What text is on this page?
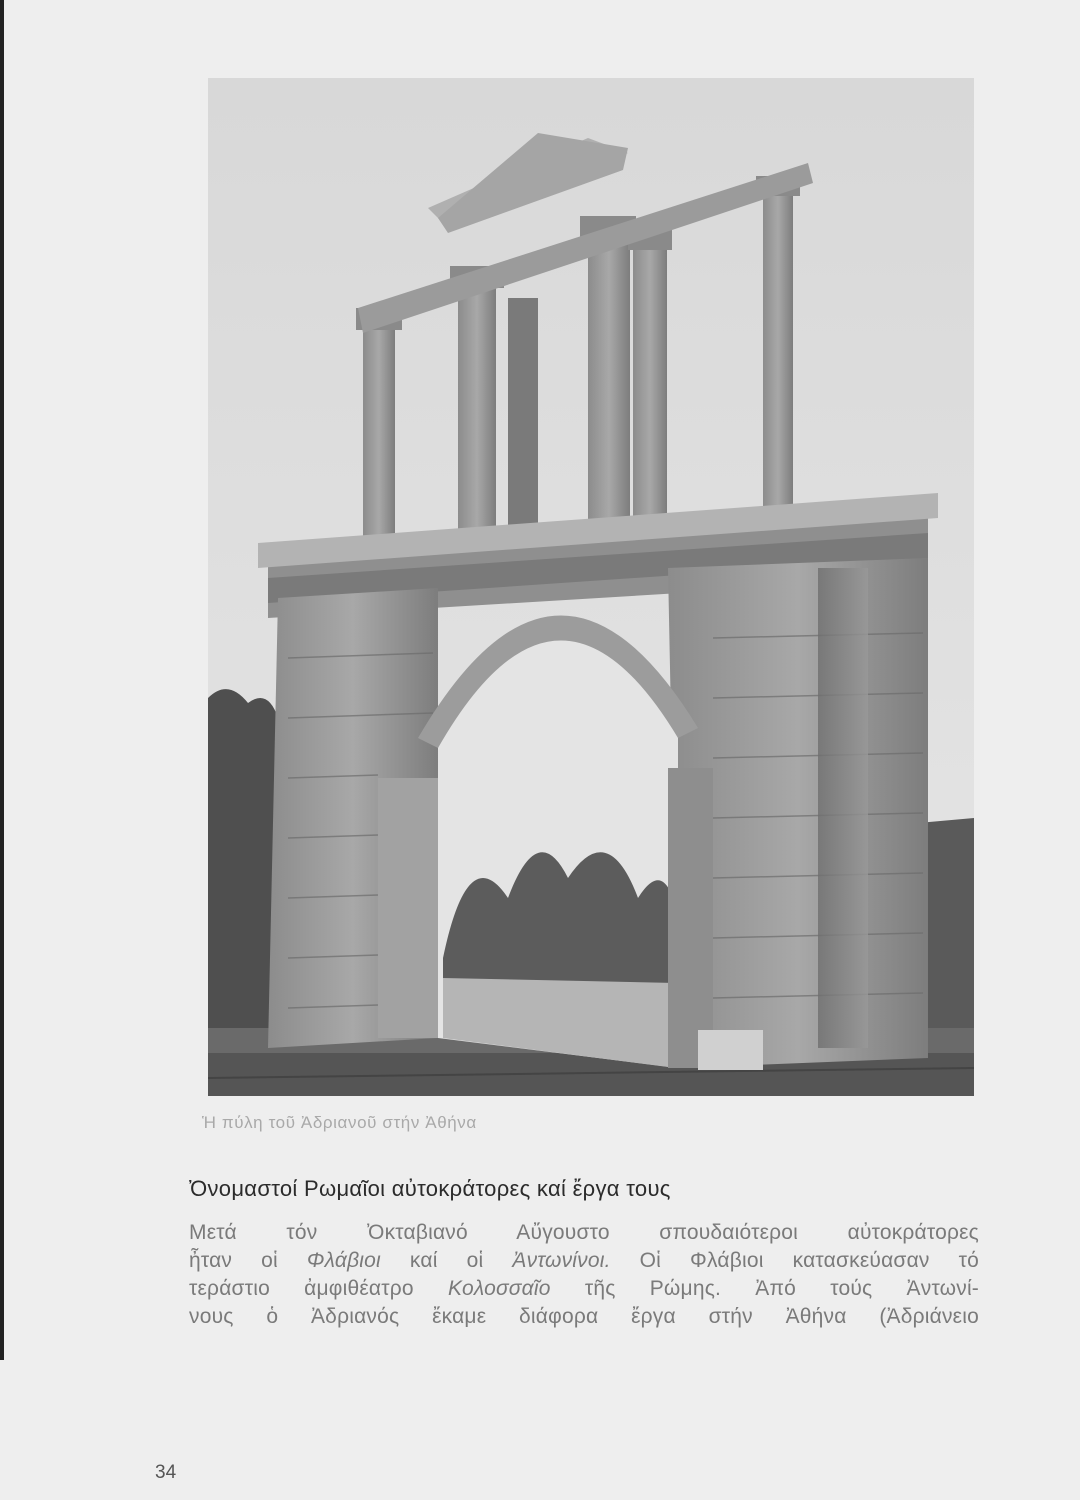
Ἡ πύλη τοῦ Ἀδριανοῦ στήν Ἀθήνα
Ὀνομαστοί Ρωμαῖοι αὐτοκράτορες καί ἔργα τους
Μετά τόν Ὀκταβιανό Αὔγουστο σπουδαιότεροι αὐτοκράτορες
ἦταν οἱ Φλάβιοι καί οἱ Ἀντωνίνοι. Οἱ Φλάβιοι κατασκεύασαν τό
τεράστιο ἀμφιθέατρο Κολοσσαῖο τῆς Ρώμης. Ἀπό τούς Ἀντωνί-
νους ὁ Ἀδριανός ἔκαμε διάφορα ἔργα στήν Ἀθήνα (Ἀδριάνειο
34
